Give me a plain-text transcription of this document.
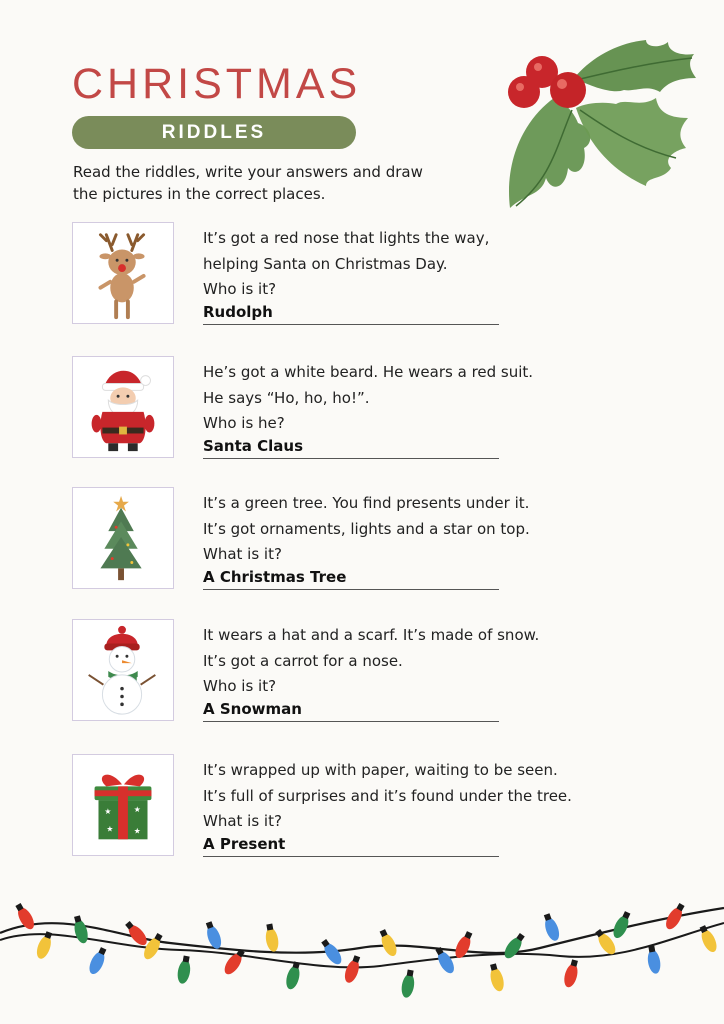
CHRISTMAS
RIDDLES
Read the riddles, write your answers and draw
the pictures in the correct places.
It’s got a red nose that lights the way,
helping Santa on Christmas Day.
Who is it?
Rudolph
He’s got a white beard. He wears a red suit.
He says “Ho, ho, ho!”.
Who is he?
Santa Claus
It’s a green tree. You find presents under it.
It’s got ornaments, lights and a star on top.
What is it?
A Christmas Tree
It wears a hat and a scarf. It’s made of snow.
It’s got a carrot for a nose.
Who is it?
A Snowman
★	★
★	★
It’s wrapped up with paper, waiting to be seen.
It’s full of surprises and it’s found under the tree.
What is it?
A Present
